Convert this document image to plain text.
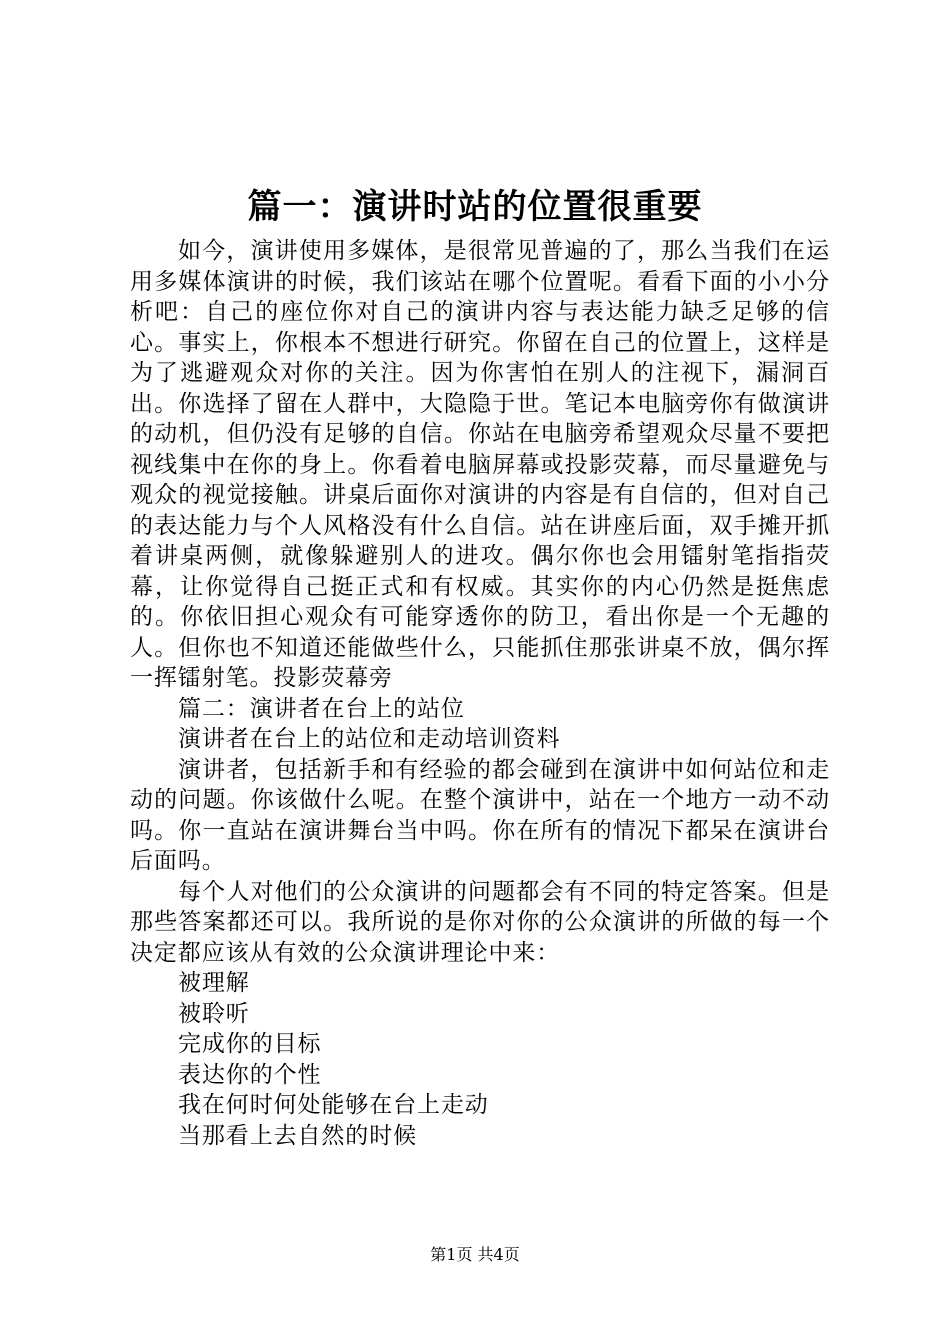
篇一：演讲时站的位置很重要

如今，演讲使用多媒体，是很常见普遍的了，那么当我们在运用多媒体演讲的时候，我们该站在哪个位置呢。看看下面的小小分析吧：自己的座位你对自己的演讲内容与表达能力缺乏足够的信心。事实上，你根本不想进行研究。你留在自己的位置上，这样是为了逃避观众对你的关注。因为你害怕在别人的注视下，漏洞百出。你选择了留在人群中，大隐隐于世。笔记本电脑旁你有做演讲的动机，但仍没有足够的自信。你站在电脑旁希望观众尽量不要把视线集中在你的身上。你看着电脑屏幕或投影荧幕，而尽量避免与观众的视觉接触。讲桌后面你对演讲的内容是有自信的，但对自己的表达能力与个人风格没有什么自信。站在讲座后面，双手摊开抓着讲桌两侧，就像躲避别人的进攻。偶尔你也会用镭射笔指指荧幕，让你觉得自己挺正式和有权威。其实你的内心仍然是挺焦虑的。你依旧担心观众有可能穿透你的防卫，看出你是一个无趣的人。但你也不知道还能做些什么，只能抓住那张讲桌不放，偶尔挥一挥镭射笔。投影荧幕旁

篇二：演讲者在台上的站位

演讲者在台上的站位和走动培训资料

演讲者，包括新手和有经验的都会碰到在演讲中如何站位和走动的问题。你该做什么呢。在整个演讲中，站在一个地方一动不动吗。你一直站在演讲舞台当中吗。你在所有的情况下都呆在演讲台后面吗。

每个人对他们的公众演讲的问题都会有不同的特定答案。但是那些答案都还可以。我所说的是你对你的公众演讲的所做的每一个决定都应该从有效的公众演讲理论中来：

被理解

被聆听

完成你的目标

表达你的个性

我在何时何处能够在台上走动

当那看上去自然的时候

第1页 共4页
